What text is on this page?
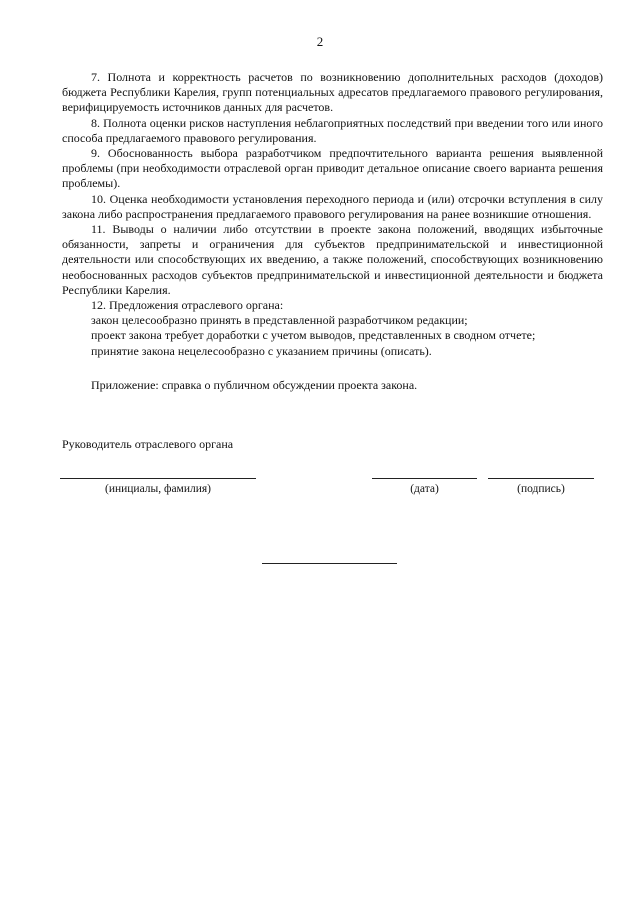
2

7. Полнота и корректность расчетов по возникновению дополнительных расходов (доходов) бюджета Республики Карелия, групп потенциальных адресатов предлагаемого правового регулирования, верифицируемость источников данных для расчетов.

8. Полнота оценки рисков наступления неблагоприятных последствий при введении того или иного способа предлагаемого правового регулирования.

9. Обоснованность выбора разработчиком предпочтительного варианта решения выявленной проблемы (при необходимости отраслевой орган приводит детальное описание своего варианта решения проблемы).

10. Оценка необходимости установления переходного периода и (или) отсрочки вступления в силу закона либо распространения предлагаемого правового регулирования на ранее возникшие отношения.

11. Выводы о наличии либо отсутствии в проекте закона положений, вводящих избыточные обязанности, запреты и ограничения для субъектов предпринимательской и инвестиционной деятельности или способствующих их введению, а также положений, способствующих возникновению необоснованных расходов субъектов предпринимательской и инвестиционной деятельности и бюджета Республики Карелия.

12. Предложения отраслевого органа:

закон целесообразно принять в представленной разработчиком редакции;

проект закона требует доработки с учетом выводов, представленных в сводном отчете;

принятие закона нецелесообразно с указанием причины (описать).

Приложение: справка о публичном обсуждении проекта закона.
Руководитель отраслевого органа
(инициалы, фамилия)	(дата)	(подпись)
